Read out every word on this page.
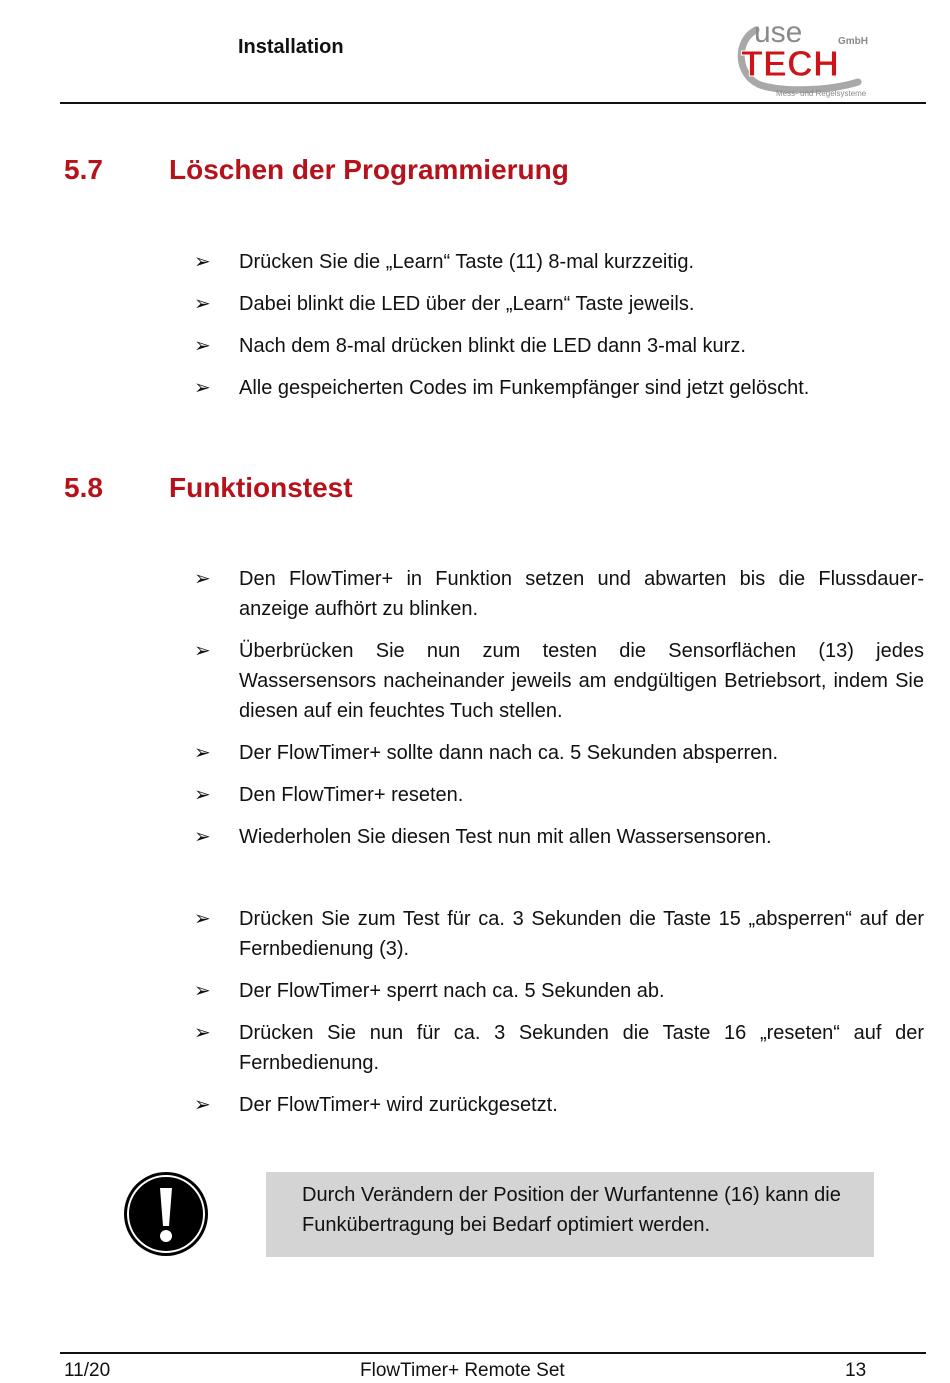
Installation	use	GmbH
TECH
Mess- und Regelsysteme
5.7 Löschen der Programmierung
➢ Drücken Sie die „Learn“ Taste (11) 8-mal kurzzeitig.
➢ Dabei blinkt die LED über der „Learn“ Taste jeweils.
➢ Nach dem 8-mal drücken blinkt die LED dann 3-mal kurz.
➢ Alle gespeicherten Codes im Funkempfänger sind jetzt gelöscht.
5.8 Funktionstest
➢ Den FlowTimer+ in Funktion setzen und abwarten bis die Flussdauer-anzeige aufhört zu blinken.
➢ Überbrücken Sie nun zum testen die Sensorflächen (13) jedes Wassersensors nacheinander jeweils am endgültigen Betriebsort, indem Sie diesen auf ein feuchtes Tuch stellen.
➢ Der FlowTimer+ sollte dann nach ca. 5 Sekunden absperren.
➢ Den FlowTimer+ reseten.
➢ Wiederholen Sie diesen Test nun mit allen Wassersensoren.
➢ Drücken Sie zum Test für ca. 3 Sekunden die Taste 15 „absperren“ auf der Fernbedienung (3).
➢ Der FlowTimer+ sperrt nach ca. 5 Sekunden ab.
➢ Drücken Sie nun für ca. 3 Sekunden die Taste 16 „reseten“ auf der Fernbedienung.
➢ Der FlowTimer+ wird zurückgesetzt.
Durch Verändern der Position der Wurfantenne (16) kann die Funkübertragung bei Bedarf optimiert werden.
11/20	FlowTimer+ Remote Set	13
